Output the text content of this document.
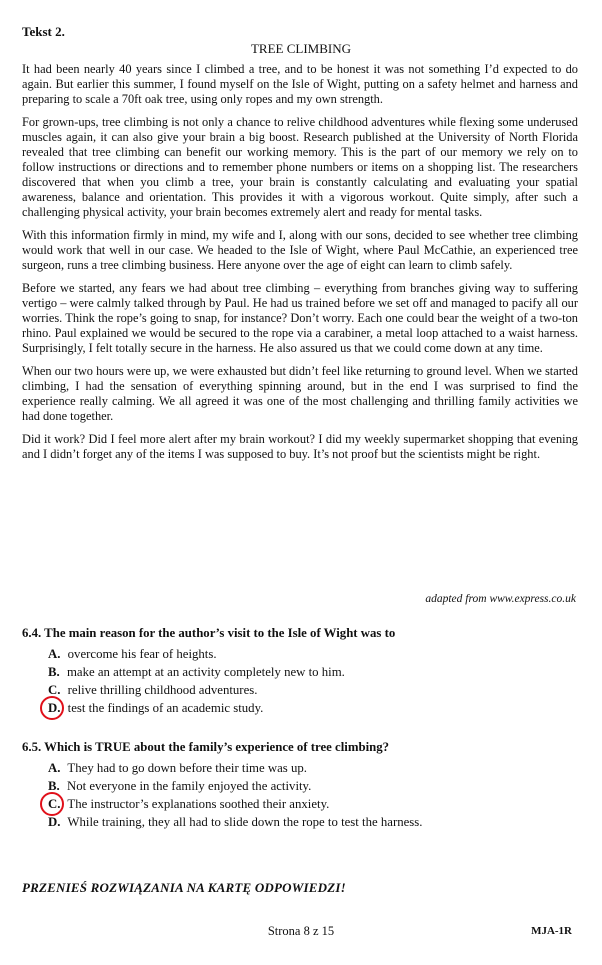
Tekst 2.
TREE CLIMBING

It had been nearly 40 years since I climbed a tree, and to be honest it was not something I’d expected to do again. But earlier this summer, I found myself on the Isle of Wight, putting on a safety helmet and harness and preparing to scale a 70ft oak tree, using only ropes and my own strength.

For grown-ups, tree climbing is not only a chance to relive childhood adventures while flexing some underused muscles again, it can also give your brain a big boost. Research published at the University of North Florida revealed that tree climbing can benefit our working memory. This is the part of our memory we rely on to follow instructions or directions and to remember phone numbers or items on a shopping list. The researchers discovered that when you climb a tree, your brain is constantly calculating and evaluating your spatial awareness, balance and orientation. This provides it with a vigorous workout. Quite simply, after such a challenging physical activity, your brain becomes extremely alert and ready for mental tasks.

With this information firmly in mind, my wife and I, along with our sons, decided to see whether tree climbing would work that well in our case. We headed to the Isle of Wight, where Paul McCathie, an experienced tree surgeon, runs a tree climbing business. Here anyone over the age of eight can learn to climb safely.

Before we started, any fears we had about tree climbing – everything from branches giving way to suffering vertigo – were calmly talked through by Paul. He had us trained before we set off and managed to pacify all our worries. Think the rope’s going to snap, for instance? Don’t worry. Each one could bear the weight of a two-ton rhino. Paul explained we would be secured to the rope via a carabiner, a metal loop attached to a waist harness. Surprisingly, I felt totally secure in the harness. He also assured us that we could come down at any time.

When our two hours were up, we were exhausted but didn’t feel like returning to ground level. When we started climbing, I had the sensation of everything spinning around, but in the end I was surprised to find the experience really calming. We all agreed it was one of the most challenging and thrilling family activities we had done together.

Did it work? Did I feel more alert after my brain workout? I did my weekly supermarket shopping that evening and I didn’t forget any of the items I was supposed to buy. It’s not proof but the scientists might be right.

adapted from www.express.co.uk
6.4. The main reason for the author’s visit to the Isle of Wight was to
A. overcome his fear of heights.
B. make an attempt at an activity completely new to him.
C. relive thrilling childhood adventures.
D. test the findings of an academic study.
6.5. Which is TRUE about the family’s experience of tree climbing?
A. They had to go down before their time was up.
B. Not everyone in the family enjoyed the activity.
C. The instructor’s explanations soothed their anxiety.
D. While training, they all had to slide down the rope to test the harness.
PRZENIEŚ ROZWIĄZANIA NA KARTĘ ODPOWIEDZI!
Strona 8 z 15	MJA-1R
